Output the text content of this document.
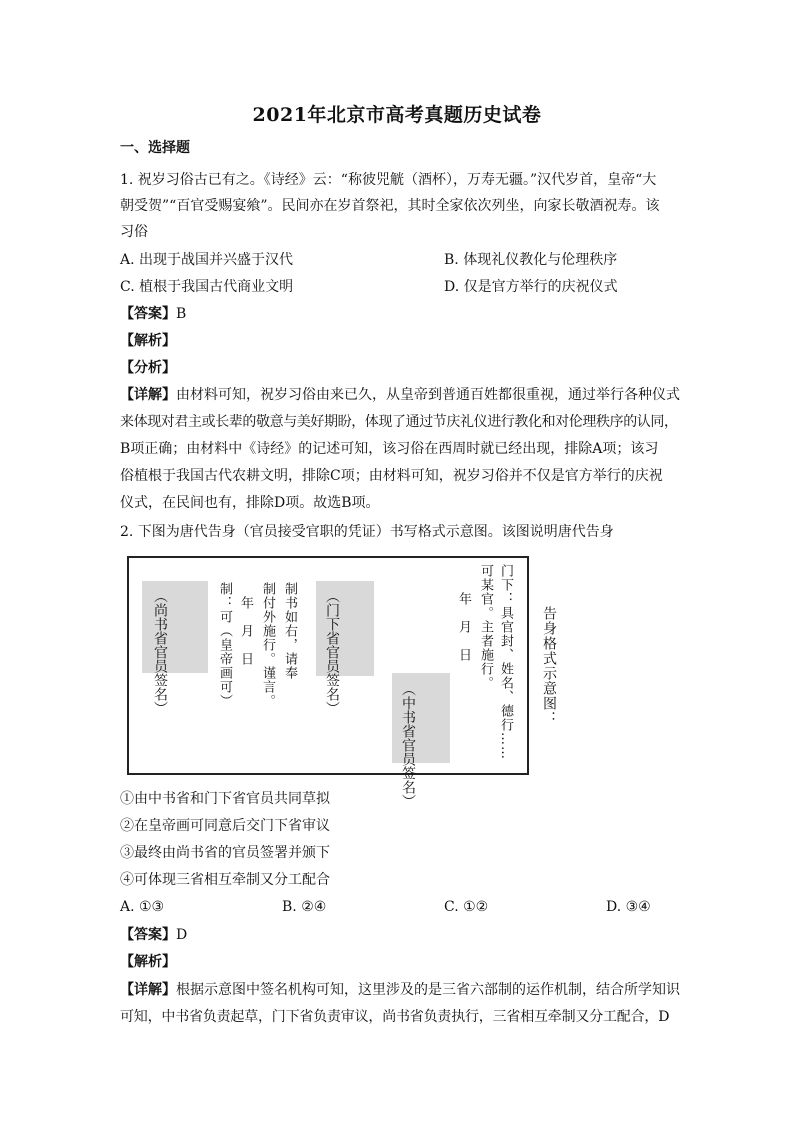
2021年北京市高考真题历史试卷
一、选择题
1. 祝岁习俗古已有之。《诗经》云：“称彼兕觥（酒杯），万寿无疆。”汉代岁首，皇帝“大
朝受贺”“百官受赐宴飨”。民间亦在岁首祭祀，其时全家依次列坐，向家长敬酒祝寿。该
习俗
A. 出现于战国并兴盛于汉代	B. 体现礼仪教化与伦理秩序
C. 植根于我国古代商业文明	D. 仅是官方举行的庆祝仪式
【答案】B
【解析】
【分析】
【详解】由材料可知，祝岁习俗由来已久，从皇帝到普通百姓都很重视，通过举行各种仪式
来体现对君主或长辈的敬意与美好期盼，体现了通过节庆礼仪进行教化和对伦理秩序的认同，
B项正确；由材料中《诗经》的记述可知，该习俗在西周时就已经出现，排除A项；该习
俗植根于我国古代农耕文明，排除C项；由材料可知，祝岁习俗并不仅是官方举行的庆祝
仪式，在民间也有，排除D项。故选B项。
2. 下图为唐代告身（官员接受官职的凭证）书写格式示意图。该图说明唐代告身
门下：具官封、姓名、德行……
可某官。主者施行。
年　月　日
（中书省官员签名）
（门下省官员签名）
制书如右，请奉
制付外施行。谨言。
年　月　日
制：可（皇帝画可）
（尚书省官员签名）	告身格式示意图：
①由中书省和门下省官员共同草拟
②在皇帝画可同意后交门下省审议
③最终由尚书省的官员签署并颁下
④可体现三省相互牵制又分工配合
A. ①③	B. ②④	C. ①②	D. ③④
【答案】D
【解析】
【详解】根据示意图中签名机构可知，这里涉及的是三省六部制的运作机制，结合所学知识
可知，中书省负责起草，门下省负责审议，尚书省负责执行，三省相互牵制又分工配合，D
